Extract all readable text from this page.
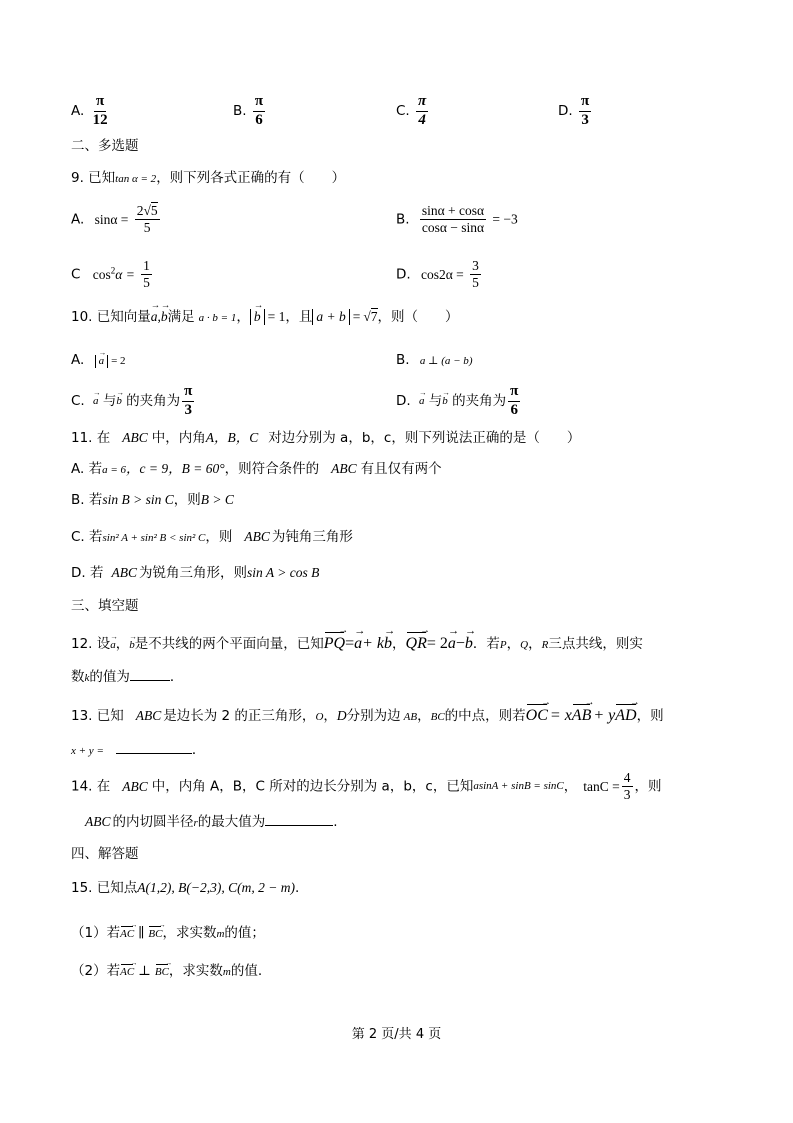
A. $\frac{\pi}{12}$	B. $\frac{\pi}{6}$	C. $\frac{\pi}{4}$	D. $\frac{\pi}{3}$
二、多选题
9. 已知tan α = 2，则下列各式正确的有（　　）
A. $\sin\alpha = \frac{2√5}{5}$	B. $\frac{\sin\alpha + \cos\alpha}{\cos\alpha - \sin\alpha} = -3$
C $\cos^2\alpha = \frac{1}{5}$	D. $\cos 2\alpha = \frac{3}{5}$
10. 已知向量→ a,→ b满足 a · b = 1， → b = 1，且 a + b = √7，则（　　）
A. → a = 2	B. a ⊥ (a − b)
C. → a 与→ b 的夹角为 $\frac{\pi}{3}$	D. → a 与→ b 的夹角为 $\frac{\pi}{6}$
11. 在 ABC 中，内角A，B，C 对边分别为 a，b，c，则下列说法正确的是（　　）
A. 若a = 6，c = 9，B = 60°，则符合条件的 ABC 有且仅有两个
B. 若sin B > sin C，则B > C
C. 若sin² A + sin² B < sin² C，则 ABC 为钝角三角形
D. 若 ABC 为锐角三角形，则sin A > cos B
三、填空题
12. 设→ a，→ b是不共线的两个平面向量，已知PQ →=→ a+ k→ b，QR →= 2→ a−→ b．若P，Q，R三点共线，则实
数k的值为	．
13. 已知 ABC 是边长为 2 的正三角形，O，D分别为边 AB，BC的中点，则若OC → = xAB → + yAD →，则
x + y =	．
14. 在 ABC 中，内角 A，B，C 所对的边长分别为 a，b，c，已知asinA + sinB = sinC， $\tan C = \frac{4}{3}$ ，则
ABC 的内切圆半径r的最大值为	.
四、解答题
15. 已知点A(1,2), B(−2,3), C(m, 2 − m).
（1）若AC → ∥ BC →，求实数m的值；
（2）若AC → ⊥ BC →，求实数m的值.
第 2 页/共 4 页
